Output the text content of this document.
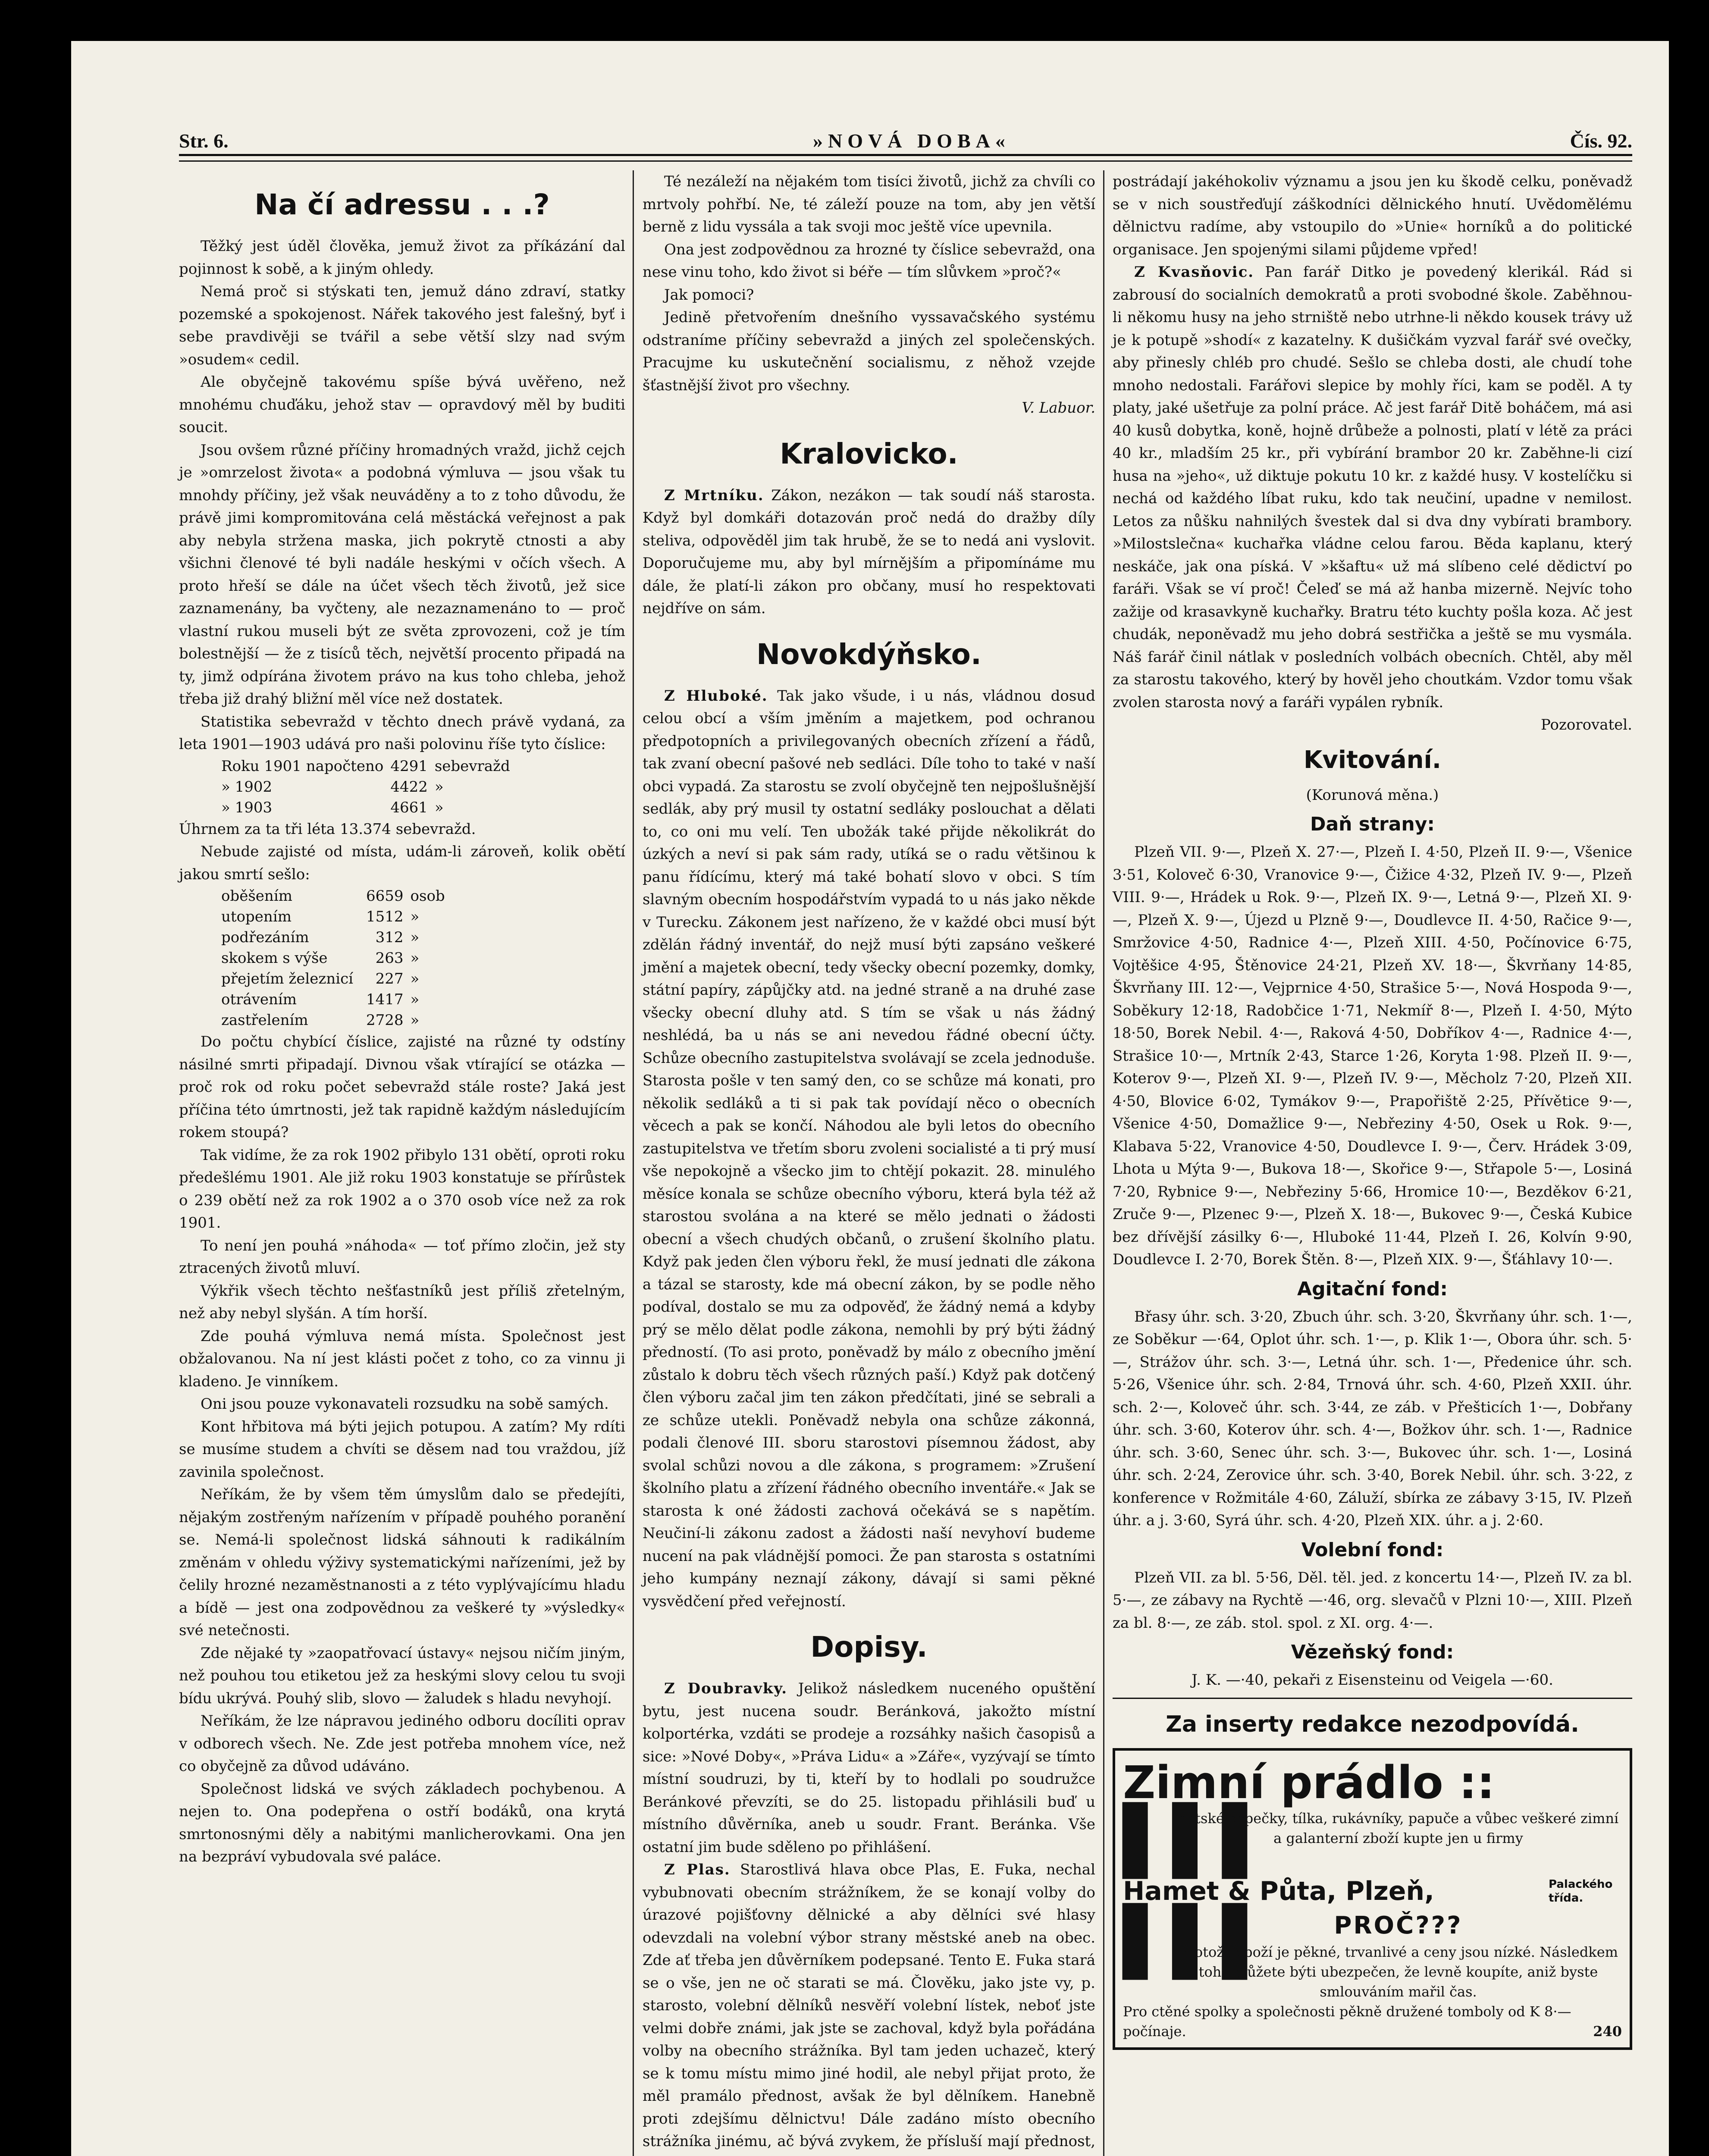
Str. 6.	»NOVÁ DOBA«	Čís. 92.
Na čí adressu . . .?

Těžký jest úděl člověka, jemuž život za příkázání dal pojinnost k sobě, a k jiným ohledy.

Nemá proč si stýskati ten, jemuž dáno zdraví, statky pozemské a spokojenost. Nářek takového jest falešný, byť i sebe pravdivěji se tvářil a sebe větší slzy nad svým »osudem« cedil.

Ale obyčejně takovému spíše bývá uvěřeno, než mnohému chuďáku, jehož stav — opravdový měl by buditi soucit.

Jsou ovšem různé příčiny hromadných vražd, jichž cejch je »omrzelost života« a podobná výmluva — jsou však tu mnohdy příčiny, jež však neuváděny a to z toho důvodu, že právě jimi kompromitována celá městácká veřejnost a pak aby nebyla stržena maska, jich pokrytě ctnosti a aby všichni členové té byli nadále heskými v očích všech. A proto hřeší se dále na účet všech těch životů, jež sice zaznamenány, ba vyčteny, ale nezaznamenáno to — proč vlastní rukou museli být ze světa zprovozeni, což je tím bolestnější — že z tisíců těch, největší procento připadá na ty, jimž odpírána životem právo na kus toho chleba, jehož třeba již drahý bližní měl více než dostatek.

Statistika sebevražd v těchto dnech právě vydaná, za leta 1901—1903 udává pro naši polovinu říše tyto číslice:

Roku 1901 napočteno	4291	sebevražd
» 1902	4422	»
» 1903	4661	»

Úhrnem za ta tři léta 13.374 sebevražd.

Nebude zajisté od místa, udám-li zároveň, kolik obětí jakou smrtí sešlo:

oběšením	6659	osob
utopením	1512	»
podřezáním	312	»
skokem s výše	263	»
přejetím železnicí	227	»
otrávením	1417	»
zastřelením	2728	»

Do počtu chybící číslice, zajisté na různé ty odstíny násilné smrti připadají. Divnou však vtírající se otázka — proč rok od roku počet sebevražd stále roste? Jaká jest příčina této úmrtnosti, jež tak rapidně každým následujícím rokem stoupá?

Tak vidíme, že za rok 1902 přibylo 131 obětí, oproti roku předešlému 1901. Ale již roku 1903 konstatuje se přírůstek o 239 obětí než za rok 1902 a o 370 osob více než za rok 1901.

To není jen pouhá »náhoda« — toť přímo zločin, jež sty ztracených životů mluví.

Výkřik všech těchto nešťastníků jest příliš zřetelným, než aby nebyl slyšán. A tím horší.

Zde pouhá výmluva nemá místa. Společnost jest obžalovanou. Na ní jest klásti počet z toho, co za vinnu ji kladeno. Je vinníkem.

Oni jsou pouze vykonavateli rozsudku na sobě samých.

Kont hřbitova má býti jejich potupou. A zatím? My rdíti se musíme studem a chvíti se děsem nad tou vraždou, jíž zavinila společnost.

Neříkám, že by všem těm úmyslům dalo se předejíti, nějakým zostřeným nařízením v případě pouhého poranění se. Nemá-li společnost lidská sáhnouti k radikálním změnám v ohledu výživy systematickými nařízeními, jež by čelily hrozné nezaměstnanosti a z této vyplývajícímu hladu a bídě — jest ona zodpovědnou za veškeré ty »výsledky« své netečnosti.

Zde nějaké ty »zaopatřovací ústavy« nejsou ničím jiným, než pouhou tou etiketou jež za heskými slovy celou tu svoji bídu ukrývá. Pouhý slib, slovo — žaludek s hladu nevyhojí.

Neříkám, že lze nápravou jediného odboru docíliti oprav v odborech všech. Ne. Zde jest potřeba mnohem více, než co obyčejně za důvod udáváno.

Společnost lidská ve svých základech pochybenou. A nejen to. Ona podepřena o ostří bodáků, ona krytá smrtonosnými děly a nabitými manlicherovkami. Ona jen na bezpráví vybudovala své paláce.

Té nezáleží na nějakém tom tisíci životů, jichž za chvíli co mrtvoly pohřbí. Ne, té záleží pouze na tom, aby jen větší berně z lidu vyssála a tak svoji moc ještě více upevnila.

Ona jest zodpovědnou za hrozné ty číslice sebevražd, ona nese vinu toho, kdo život si béře — tím slůvkem »proč?«

Jak pomoci?

Jedině přetvořením dnešního vyssavačského systému odstraníme příčiny sebevražd a jiných zel společenských. Pracujme ku uskutečnění socialismu, z něhož vzejde šťastnější život pro všechny.

V. Labuor.

Kralovicko.

Z Mrtníku. Zákon, nezákon — tak soudí náš starosta. Když byl domkáři dotazován proč nedá do dražby díly steliva, odpověděl jim tak hrubě, že se to nedá ani vyslovit. Doporučujeme mu, aby byl mírnějším a připomínáme mu dále, že platí-li zákon pro občany, musí ho respektovati nejdříve on sám.

Novokdýňsko.

Z Hluboké. Tak jako všude, i u nás, vládnou dosud celou obcí a vším jměním a majetkem, pod ochranou předpotopních a privilegovaných obecních zřízení a řádů, tak zvaní obecní pašové neb sedláci. Díle toho to také v naší obci vypadá. Za starostu se zvolí obyčejně ten nejpošlušnější sedlák, aby prý musil ty ostatní sedláky poslouchat a dělati to, co oni mu velí. Ten ubožák také přijde několikrát do úzkých a neví si pak sám rady, utíká se o radu většinou k panu řídícímu, který má také bohatí slovo v obci. S tím slavným obecním hospodářstvím vypadá to u nás jako někde v Turecku. Zákonem jest nařízeno, že v každé obci musí být zdělán řádný inventář, do nejž musí býti zapsáno veškeré jmění a majetek obecní, tedy všecky obecní pozemky, domky, státní papíry, zápůjčky atd. na jedné straně a na druhé zase všecky obecní dluhy atd. S tím se však u nás žádný neshlédá, ba u nás se ani nevedou řádné obecní účty. Schůze obecního zastupitelstva svolávají se zcela jednoduše. Starosta pošle v ten samý den, co se schůze má konati, pro několik sedláků a ti si pak tak povídají něco o obecních věcech a pak se končí. Náhodou ale byli letos do obecního zastupitelstva ve třetím sboru zvoleni socialisté a ti prý musí vše nepokojně a všecko jim to chtějí pokazit. 28. minulého měsíce konala se schůze obecního výboru, která byla též až starostou svolána a na které se mělo jednati o žádosti obecní a všech chudých občanů, o zrušení školního platu. Když pak jeden člen výboru řekl, že musí jednati dle zákona a tázal se starosty, kde má obecní zákon, by se podle něho podíval, dostalo se mu za odpověď, že žádný nemá a kdyby prý se mělo dělat podle zákona, nemohli by prý býti žádný předností. (To asi proto, poněvadž by málo z obecního jmění zůstalo k dobru těch všech různých paší.) Když pak dotčený člen výboru začal jim ten zákon předčítati, jiné se sebrali a ze schůze utekli. Poněvadž nebyla ona schůze zákonná, podali členové III. sboru starostovi písemnou žádost, aby svolal schůzi novou a dle zákona, s programem: »Zrušení školního platu a zřízení řádného obecního inventáře.« Jak se starosta k oné žádosti zachová očekává se s napětím. Neučiní-li zákonu zadost a žádosti naší nevyhoví budeme nucení na pak vládnější pomoci. Že pan starosta s ostatními jeho kumpány neznají zákony, dávají si sami pěkné vysvědčení před veřejností.

Dopisy.

Z Doubravky. Jelikož následkem nuceného opuštění bytu, jest nucena soudr. Beránková, jakožto místní kolportérka, vzdáti se prodeje a rozsáhky našich časopisů a sice: »Nové Doby«, »Práva Lidu« a »Záře«, vyzývají se tímto místní soudruzi, by ti, kteří by to hodlali po soudružce Beránkové převzíti, se do 25. listopadu přihlásili buď u místního důvěrníka, aneb u soudr. Frant. Beránka. Vše ostatní jim bude sděleno po přihlášení.

Z Plas. Starostlivá hlava obce Plas, E. Fuka, nechal vybubnovati obecním strážníkem, že se konají volby do úrazové pojišťovny dělnické a aby dělníci své hlasy odevzdali na volební výbor strany městské aneb na obec. Zde ať třeba jen důvěrníkem podepsané. Tento E. Fuka stará se o vše, jen ne oč starati se má. Člověku, jako jste vy, p. starosto, volební dělníků nesvěří volební lístek, neboť jste velmi dobře známi, jak jste se zachoval, když byla pořádána volby na obecního strážníka. Byl tam jeden uchazeč, který se k tomu místu mimo jiné hodil, ale nebyl přijat proto, že měl pramálo přednost, avšak že byl dělníkem. Hanebně proti zdejšímu dělnictvu! Dále zadáno místo obecního strážníka jinému, ač bývá zvykem, že přísluší mají přednost,

postrádají jakéhokoliv významu a jsou jen ku škodě celku, poněvadž se v nich soustřeďují záškodníci dělnického hnutí. Uvědomělému dělnictvu radíme, aby vstoupilo do »Unie« horníků a do politické organisace. Jen spojenými silami půjdeme vpřed!

Z Kvasňovic. Pan farář Ditko je povedený klerikál. Rád si zabrousí do socialních demokratů a proti svobodné škole. Zaběhnou-li někomu husy na jeho strniště nebo utrhne-li někdo kousek trávy už je k potupě »shodí« z kazatelny. K dušičkám vyzval farář své ovečky, aby přinesly chléb pro chudé. Sešlo se chleba dosti, ale chudí tohe mnoho nedostali. Farářovi slepice by mohly říci, kam se poděl. A ty platy, jaké ušetřuje za polní práce. Ač jest farář Ditě boháčem, má asi 40 kusů dobytka, koně, hojně drůbeže a polnosti, platí v létě za práci 40 kr., mladším 25 kr., při vybírání brambor 20 kr. Zaběhne-li cizí husa na »jeho«, už diktuje pokutu 10 kr. z každé husy. V kostelíčku si nechá od každého líbat ruku, kdo tak neučiní, upadne v nemilost. Letos za nůšku nahnilých švestek dal si dva dny vybírati brambory. »Milostslečna« kuchařka vládne celou farou. Běda kaplanu, který neskáče, jak ona píská. V »kšaftu« už má slíbeno celé dědictví po faráři. Však se ví proč! Čeleď se má až hanba mizerně. Nejvíc toho zažije od krasavkyně kuchařky. Bratru této kuchty pošla koza. Ač jest chudák, neponěvadž mu jeho dobrá sestřička a ještě se mu vysmála. Náš farář činil nátlak v posledních volbách obecních. Chtěl, aby měl za starostu takového, který by hověl jeho choutkám. Vzdor tomu však zvolen starosta nový a faráři vypálen rybník.

Pozorovatel.

Kvitování.

(Korunová měna.)

Daň strany:

Plzeň VII. 9·—, Plzeň X. 27·—, Plzeň I. 4·50, Plzeň II. 9·—, Všenice 3·51, Koloveč 6·30, Vranovice 9·—, Čižice 4·32, Plzeň IV. 9·—, Plzeň VIII. 9·—, Hrádek u Rok. 9·—, Plzeň IX. 9·—, Letná 9·—, Plzeň XI. 9·—, Plzeň X. 9·—, Újezd u Plzně 9·—, Doudlevce II. 4·50, Račice 9·—, Smržovice 4·50, Radnice 4·—, Plzeň XIII. 4·50, Počínovice 6·75, Vojtěšice 4·95, Štěnovice 24·21, Plzeň XV. 18·—, Škvrňany 14·85, Škvrňany III. 12·—, Vejprnice 4·50, Strašice 5·—, Nová Hospoda 9·—, Soběkury 12·18, Radobčice 1·71, Nekmíř 8·—, Plzeň I. 4·50, Mýto 18·50, Borek Nebil. 4·—, Raková 4·50, Dobříkov 4·—, Radnice 4·—, Strašice 10·—, Mrtník 2·43, Starce 1·26, Koryta 1·98. Plzeň II. 9·—, Koterov 9·—, Plzeň XI. 9·—, Plzeň IV. 9·—, Měcholz 7·20, Plzeň XII. 4·50, Blovice 6·02, Tymákov 9·—, Prapořiště 2·25, Přívětice 9·—, Všenice 4·50, Domažlice 9·—, Nebřeziny 4·50, Osek u Rok. 9·—, Klabava 5·22, Vranovice 4·50, Doudlevce I. 9·—, Červ. Hrádek 3·09, Lhota u Mýta 9·—, Bukova 18·—, Skořice 9·—, Střapole 5·—, Losiná 7·20, Rybnice 9·—, Nebřeziny 5·66, Hromice 10·—, Bezděkov 6·21, Zruče 9·—, Plzenec 9·—, Plzeň X. 18·—, Bukovec 9·—, Česká Kubice bez dřívější zásilky 6·—, Hluboké 11·44, Plzeň I. 26, Kolvín 9·90, Doudlevce I. 2·70, Borek Štěn. 8·—, Plzeň XIX. 9·—, Šťáhlavy 10·—.

Agitační fond:

Břasy úhr. sch. 3·20, Zbuch úhr. sch. 3·20, Škvrňany úhr. sch. 1·—, ze Soběkur —·64, Oplot úhr. sch. 1·—, p. Klik 1·—, Obora úhr. sch. 5·—, Strážov úhr. sch. 3·—, Letná úhr. sch. 1·—, Předenice úhr. sch. 5·26, Všenice úhr. sch. 2·84, Trnová úhr. sch. 4·60, Plzeň XXII. úhr. sch. 2·—, Koloveč úhr. sch. 3·44, ze záb. v Přešticích 1·—, Dobřany úhr. sch. 3·60, Koterov úhr. sch. 4·—, Božkov úhr. sch. 1·—, Radnice úhr. sch. 3·60, Senec úhr. sch. 3·—, Bukovec úhr. sch. 1·—, Losiná úhr. sch. 2·24, Zerovice úhr. sch. 3·40, Borek Nebil. úhr. sch. 3·22, z konference v Rožmitále 4·60, Záluží, sbírka ze zábavy 3·15, IV. Plzeň úhr. a j. 3·60, Syrá úhr. sch. 4·20, Plzeň XIX. úhr. a j. 2·60.

Volební fond:

Plzeň VII. za bl. 5·56, Děl. těl. jed. z koncertu 14·—, Plzeň IV. za bl. 5·—, ze zábavy na Rychtě —·46, org. slevačů v Plzni 10·—, XIII. Plzeň za bl. 8·—, ze záb. stol. spol. z XI. org. 4·—.

Vězeňský fond:

J. K. —·40, pekaři z Eisensteinu od Veigela —·60.

Za inserty redakce nezodpovídá.
Zimní prádlo ::
▌▌▌
dětské čepečky, tílka, rukávníky, papuče a vůbec veškeré zimní a galanterní zboží kupte jen u firmy
Hamet & Půta, Plzeň,	Palackého třída.
▌▌▌	PROČ???
Protože zboží je pěkné, trvanlivé a ceny jsou nízké. Následkem toho můžete býti ubezpečen, že levně koupíte, aniž byste smlouváním mařil čas.
Pro ctěné spolky a společnosti pěkně družené tomboly od K 8·— počínaje.	240
